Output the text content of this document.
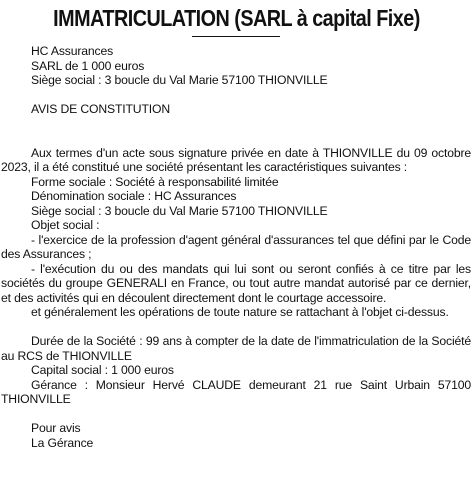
IMMATRICULATION (SARL à capital Fixe)
HC Assurances
SARL de 1 000 euros
Siège social : 3 boucle du Val Marie 57100 THIONVILLE
AVIS DE CONSTITUTION
Aux termes d'un acte sous signature privée en date à THIONVILLE du 09 octobre
2023, il a été constitué une société présentant les caractéristiques suivantes :
Forme sociale : Société à responsabilité limitée
Dénomination sociale : HC Assurances
Siège social : 3 boucle du Val Marie 57100 THIONVILLE
Objet social :
- l'exercice de la profession d'agent général d'assurances tel que défini par le Code
des Assurances ;
- l'exécution du ou des mandats qui lui sont ou seront confiés à ce titre par les
sociétés du groupe GENERALI en France, ou tout autre mandat autorisé par ce dernier,
et des activités qui en découlent directement dont le courtage accessoire.
et généralement les opérations de toute nature se rattachant à l'objet ci-dessus.
Durée de la Société : 99 ans à compter de la date de l'immatriculation de la Société
au RCS de THIONVILLE
Capital social : 1 000 euros
Gérance : Monsieur Hervé CLAUDE demeurant 21 rue Saint Urbain 57100
THIONVILLE
Pour avis
La Gérance
